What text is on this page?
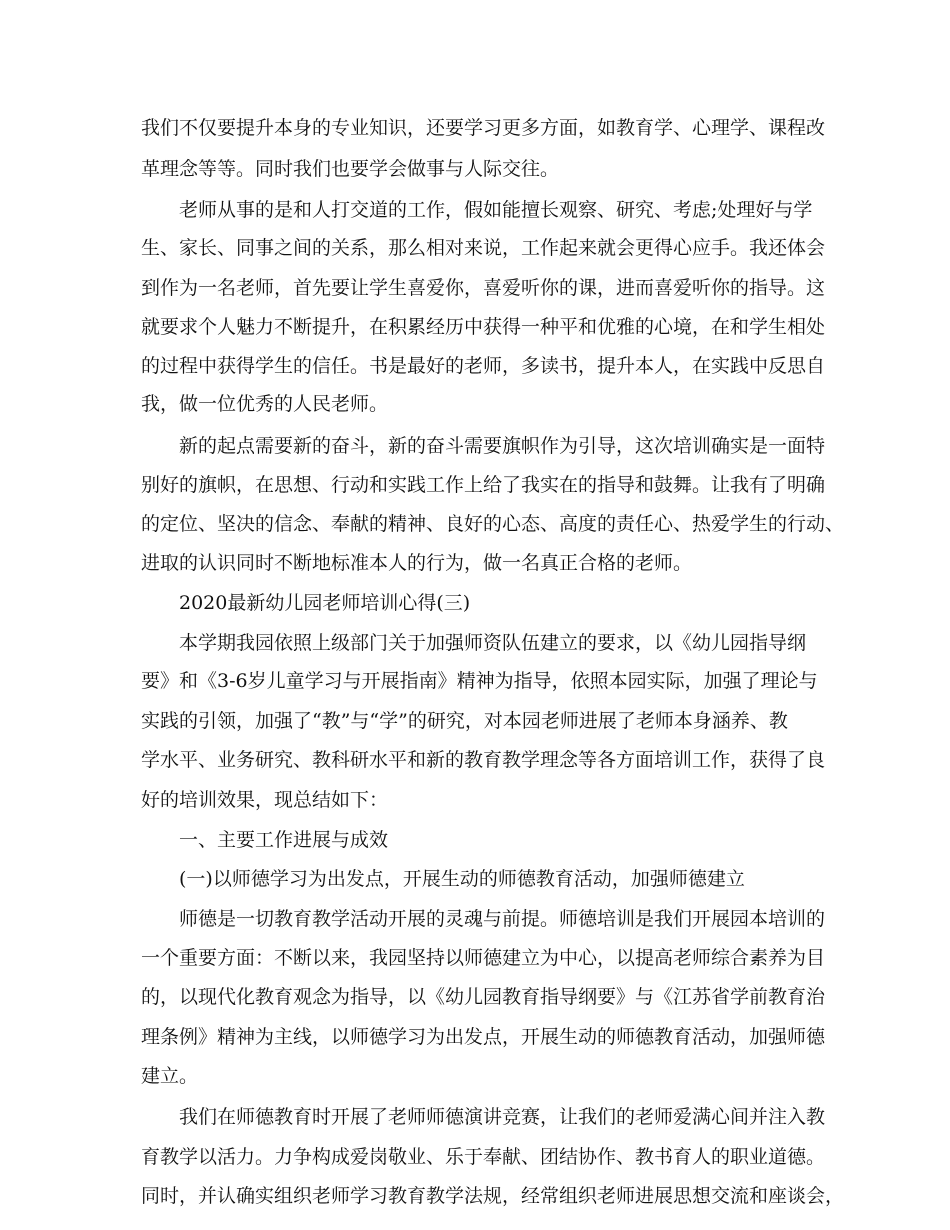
我们不仅要提升本身的专业知识，还要学习更多方面，如教育学、心理学、课程改
革理念等等。同时我们也要学会做事与人际交往。
老师从事的是和人打交道的工作，假如能擅长观察、研究、考虑;处理好与学
生、家长、同事之间的关系，那么相对来说，工作起来就会更得心应手。我还体会
到作为一名老师，首先要让学生喜爱你，喜爱听你的课，进而喜爱听你的指导。这
就要求个人魅力不断提升，在积累经历中获得一种平和优雅的心境，在和学生相处
的过程中获得学生的信任。书是最好的老师，多读书，提升本人，在实践中反思自
我，做一位优秀的人民老师。
新的起点需要新的奋斗，新的奋斗需要旗帜作为引导，这次培训确实是一面特
别好的旗帜，在思想、行动和实践工作上给了我实在的指导和鼓舞。让我有了明确
的定位、坚决的信念、奉献的精神、良好的心态、高度的责任心、热爱学生的行动、
进取的认识同时不断地标准本人的行为，做一名真正合格的老师。
2020最新幼儿园老师培训心得(三)
本学期我园依照上级部门关于加强师资队伍建立的要求，以《幼儿园指导纲
要》和《3-6岁儿童学习与开展指南》精神为指导，依照本园实际，加强了理论与
实践的引领，加强了“教”与“学”的研究，对本园老师进展了老师本身涵养、教
学水平、业务研究、教科研水平和新的教育教学理念等各方面培训工作，获得了良
好的培训效果，现总结如下：
一、主要工作进展与成效
(一)以师德学习为出发点，开展生动的师德教育活动，加强师德建立
师德是一切教育教学活动开展的灵魂与前提。师德培训是我们开展园本培训的
一个重要方面：不断以来，我园坚持以师德建立为中心，以提高老师综合素养为目
的，以现代化教育观念为指导，以《幼儿园教育指导纲要》与《江苏省学前教育治
理条例》精神为主线，以师德学习为出发点，开展生动的师德教育活动，加强师德
建立。
我们在师德教育时开展了老师师德演讲竞赛，让我们的老师爱满心间并注入教
育教学以活力。力争构成爱岗敬业、乐于奉献、团结协作、教书育人的职业道德。
同时，并认确实组织老师学习教育教学法规，经常组织老师进展思想交流和座谈会，
